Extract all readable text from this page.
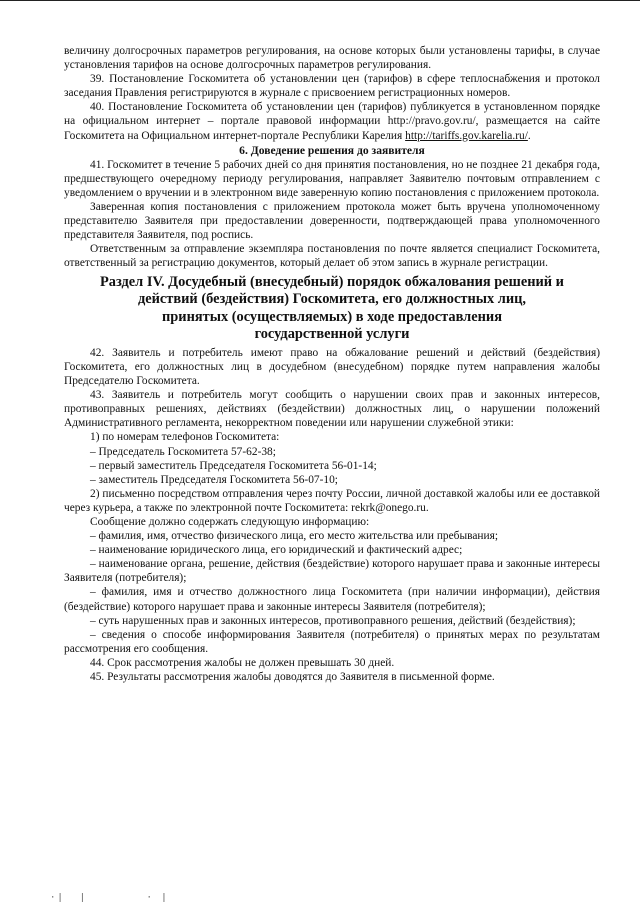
величину долгосрочных параметров регулирования, на основе которых были установлены тарифы, в случае установления тарифов на основе долгосрочных параметров регулирования.

39. Постановление Госкомитета об установлении цен (тарифов) в сфере теплоснабжения и протокол заседания Правления регистрируются в журнале с присвоением регистрационных номеров.

40. Постановление Госкомитета об установлении цен (тарифов) публикуется в установленном порядке на официальном интернет – портале правовой информации http://pravo.gov.ru/, размещается на сайте Госкомитета на Официальном интернет-портале Республики Карелия http://tariffs.gov.karelia.ru/.

6. Доведение решения до заявителя

41. Госкомитет в течение 5 рабочих дней со дня принятия постановления, но не позднее 21 декабря года, предшествующего очередному периоду регулирования, направляет Заявителю почтовым отправлением с уведомлением о вручении и в электронном виде заверенную копию постановления с приложением протокола.

Заверенная копия постановления с приложением протокола может быть вручена уполномоченному представителю Заявителя при предоставлении доверенности, подтверждающей права уполномоченного представителя Заявителя, под роспись.

Ответственным за отправление экземпляра постановления по почте является специалист Госкомитета, ответственный за регистрацию документов, который делает об этом запись в журнале регистрации.

Раздел IV. Досудебный (внесудебный) порядок обжалования решений и
действий (бездействия) Госкомитета, его должностных лиц,
принятых (осуществляемых) в ходе предоставления
государственной услуги

42. Заявитель и потребитель имеют право на обжалование решений и действий (бездействия) Госкомитета, его должностных лиц в досудебном (внесудебном) порядке путем направления жалобы Председателю Госкомитета.

43. Заявитель и потребитель могут сообщить о нарушении своих прав и законных интересов, противоправных решениях, действиях (бездействии) должностных лиц, о нарушении положений Административного регламента, некорректном поведении или нарушении служебной этики:

1) по номерам телефонов Госкомитета:

– Председатель Госкомитета 57-62-38;

– первый заместитель Председателя Госкомитета 56-01-14;

– заместитель Председателя Госкомитета 56-07-10;

2) письменно посредством отправления через почту России, личной доставкой жалобы или ее доставкой через курьера, а также по электронной почте Госкомитета: rekrk@onego.ru.

Сообщение должно содержать следующую информацию:

– фамилия, имя, отчество физического лица, его место жительства или пребывания;

– наименование юридического лица, его юридический и фактический адрес;

– наименование органа, решение, действия (бездействие) которого нарушает права и законные интересы Заявителя (потребителя);

– фамилия, имя и отчество должностного лица Госкомитета (при наличии информации), действия (бездействие) которого нарушает права и законные интересы Заявителя (потребителя);

– суть нарушенных прав и законных интересов, противоправного решения, действий (бездействия);

– сведения о способе информирования Заявителя (потребителя) о принятых мерах по результатам рассмотрения его сообщения.

44. Срок рассмотрения жалобы не должен превышать 30 дней.

45. Результаты рассмотрения жалобы доводятся до Заявителя в письменной форме.

·|  |        · |
